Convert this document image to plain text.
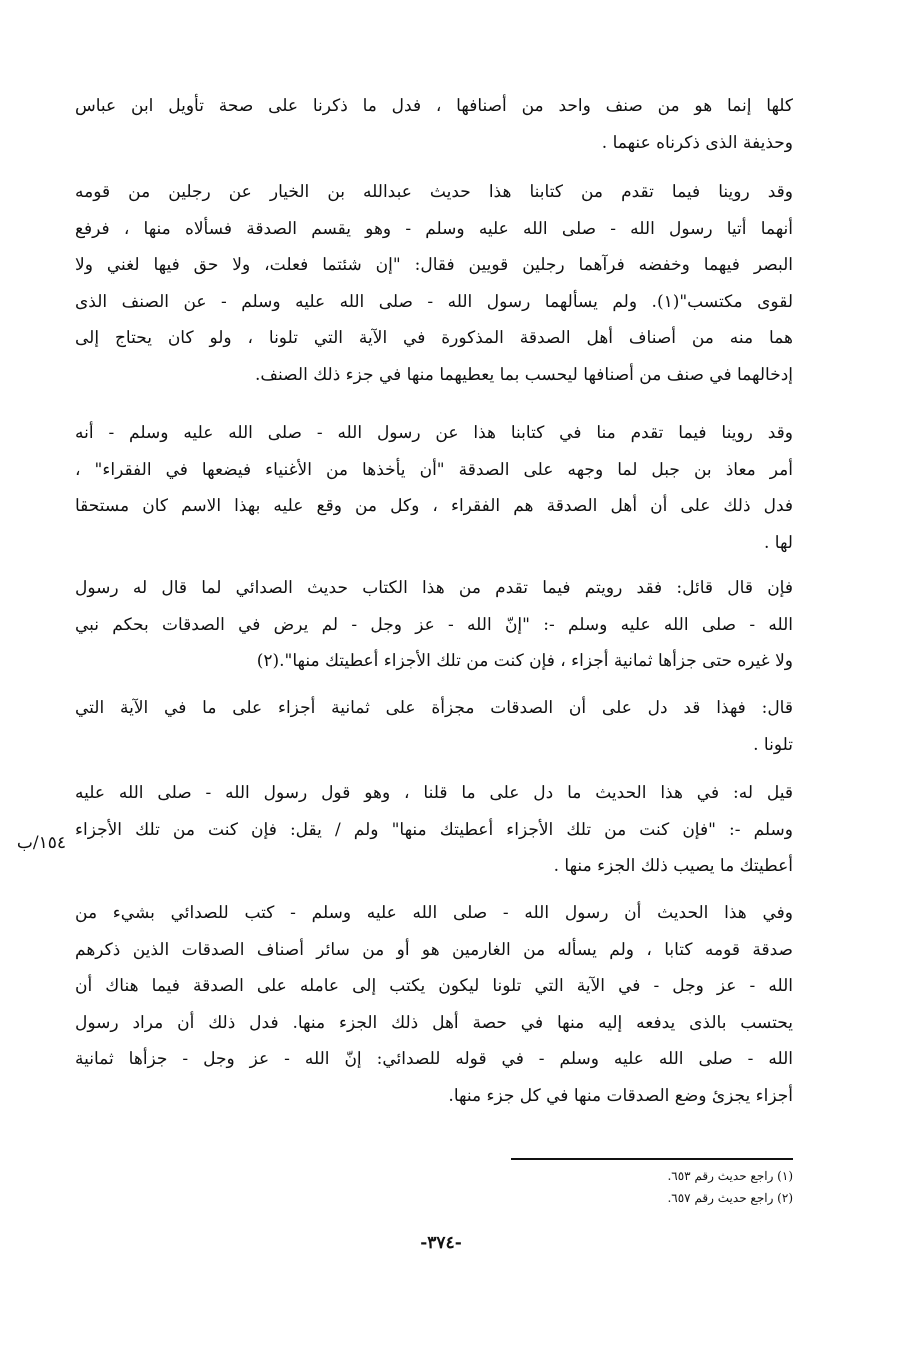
كلها إنما هو من صنف واحد من أصنافها ، فدل ما ذكرنا على صحة تأويل ابن عباس
وحذيفة الذى ذكرناه عنهما .
وقد روينا فيما تقدم من كتابنا هذا حديث عبدالله بن الخيار عن رجلين من قومه
أنهما أتيا رسول الله - صلى الله عليه وسلم - وهو يقسم الصدقة فسألاه منها ، فرفع
البصر فيهما وخفضه فرآهما رجلين قويين فقال: "إن شئتما فعلت، ولا حق فيها لغني ولا
لقوى مكتسب"(١). ولم يسألهما رسول الله - صلى الله عليه وسلم - عن الصنف الذى
هما منه من أصناف أهل الصدقة المذكورة في الآية التي تلونا ، ولو كان يحتاج إلى
إدخالهما في صنف من أصنافها ليحسب بما يعطيهما منها في جزء ذلك الصنف.
وقد روينا فيما تقدم منا في كتابنا هذا عن رسول الله - صلى الله عليه وسلم - أنه
أمر معاذ بن جبل لما وجهه على الصدقة "أن يأخذها من الأغنياء فيضعها في الفقراء" ،
فدل ذلك على أن أهل الصدقة هم الفقراء ، وكل من وقع عليه بهذا الاسم كان مستحقا
لها .
فإن قال قائل: فقد رويتم فيما تقدم من هذا الكتاب حديث الصدائي لما قال له رسول
الله - صلى الله عليه وسلم -: "إنّ الله - عز وجل - لم يرض في الصدقات بحكم نبي
ولا غيره حتى جزأها ثمانية أجزاء ، فإن كنت من تلك الأجزاء أعطيتك منها".(٢)
قال: فهذا قد دل على أن الصدقات مجزأة على ثمانية أجزاء على ما في الآية التي
تلونا .
قيل له: في هذا الحديث ما دل على ما قلنا ، وهو قول رسول الله - صلى الله عليه
وسلم -: "فإن كنت من تلك الأجزاء أعطيتك منها" ولم / يقل: فإن كنت من تلك الأجزاء
أعطيتك ما يصيب ذلك الجزء منها .
١٥٤/ب
وفي هذا الحديث أن رسول الله - صلى الله عليه وسلم - كتب للصدائي بشيء من
صدقة قومه كتابا ، ولم يسأله من الغارمين هو أو من سائر أصناف الصدقات الذين ذكرهم
الله - عز وجل - في الآية التي تلونا ليكون يكتب إلى عامله على الصدقة فيما هناك أن
يحتسب بالذى يدفعه إليه منها في حصة أهل ذلك الجزء منها. فدل ذلك أن مراد رسول
الله - صلى الله عليه وسلم - في قوله للصدائي: إنّ الله - عز وجل - جزأها ثمانية
أجزاء يجزئ وضع الصدقات منها في كل جزء منها.
(١) راجع حديث رقم ٦٥٣.
(٢) راجع حديث رقم ٦٥٧.
-٣٧٤-
